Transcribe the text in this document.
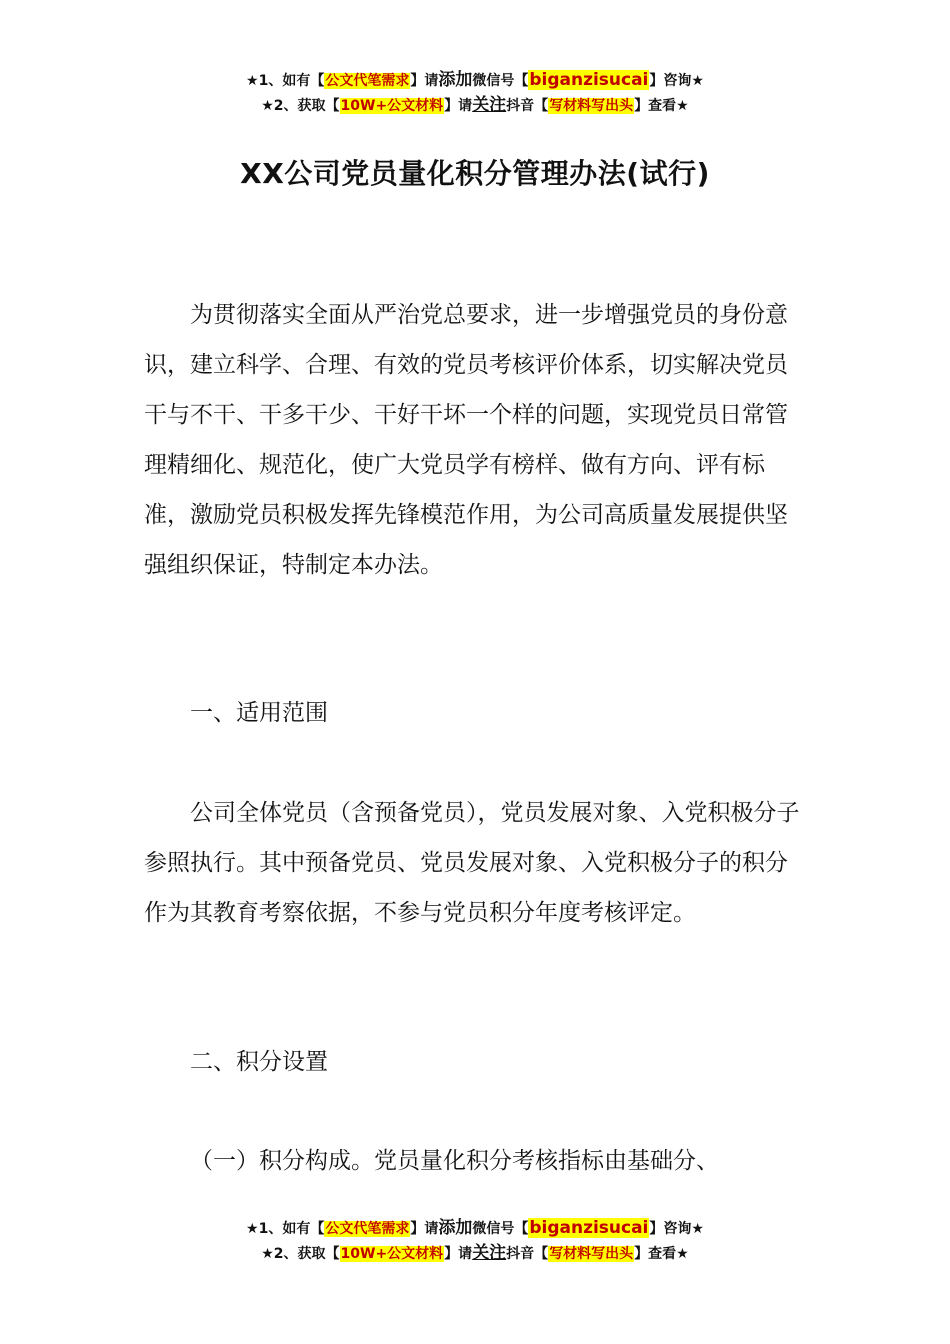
★1、如有【公文代笔需求】请添加微信号【biganzisucai】咨询★
★2、获取【10W+公文材料】请关注抖音【写材料写出头】查看★
XX公司党员量化积分管理办法(试行)

为贯彻落实全面从严治党总要求，进一步增强党员的身份意识，建立科学、合理、有效的党员考核评价体系，切实解决党员干与不干、干多干少、干好干坏一个样的问题，实现党员日常管理精细化、规范化，使广大党员学有榜样、做有方向、评有标准，激励党员积极发挥先锋模范作用，为公司高质量发展提供坚强组织保证，特制定本办法。

一、适用范围

公司全体党员（含预备党员），党员发展对象、入党积极分子参照执行。其中预备党员、党员发展对象、入党积极分子的积分作为其教育考察依据，不参与党员积分年度考核评定。

二、积分设置

（一）积分构成。党员量化积分考核指标由基础分、

★1、如有【公文代笔需求】请添加微信号【biganzisucai】咨询★
★2、获取【10W+公文材料】请关注抖音【写材料写出头】查看★
